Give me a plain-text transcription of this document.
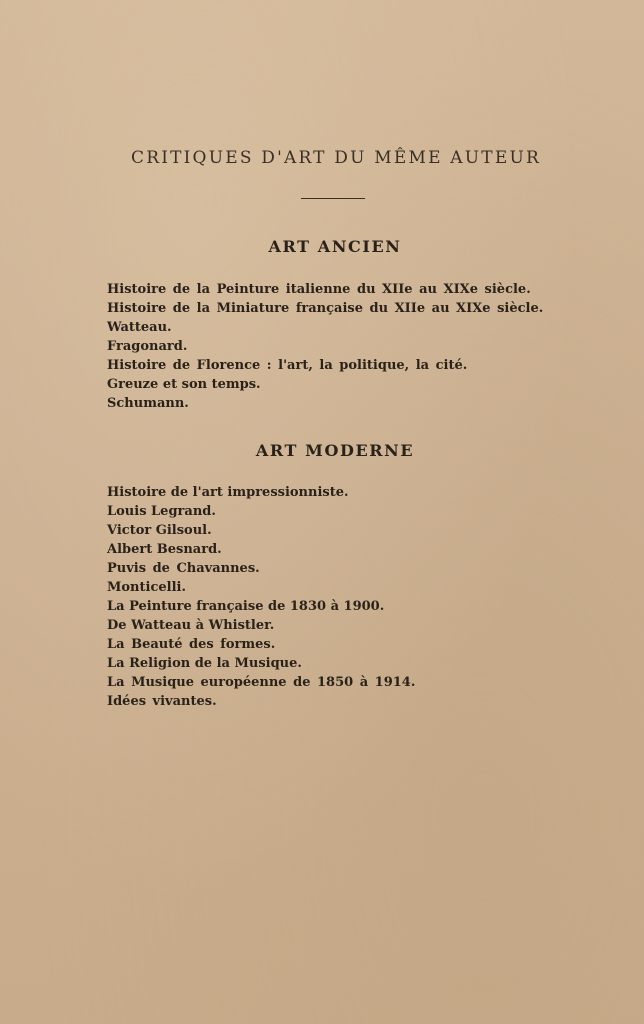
CRITIQUES D'ART DU MÊME AUTEUR
ART ANCIEN
Histoire de la Peinture italienne du XIIe au XIXe siècle.
Histoire de la Miniature française du XIIe au XIXe siècle.
Watteau.
Fragonard.
Histoire de Florence : l'art, la politique, la cité.
Greuze et son temps.
Schumann.
ART MODERNE
Histoire de l'art impressionniste.
Louis Legrand.
Victor Gilsoul.
Albert Besnard.
Puvis de Chavannes.
Monticelli.
La Peinture française de 1830 à 1900.
De Watteau à Whistler.
La Beauté des formes.
La Religion de la Musique.
La Musique européenne de 1850 à 1914.
Idées vivantes.
